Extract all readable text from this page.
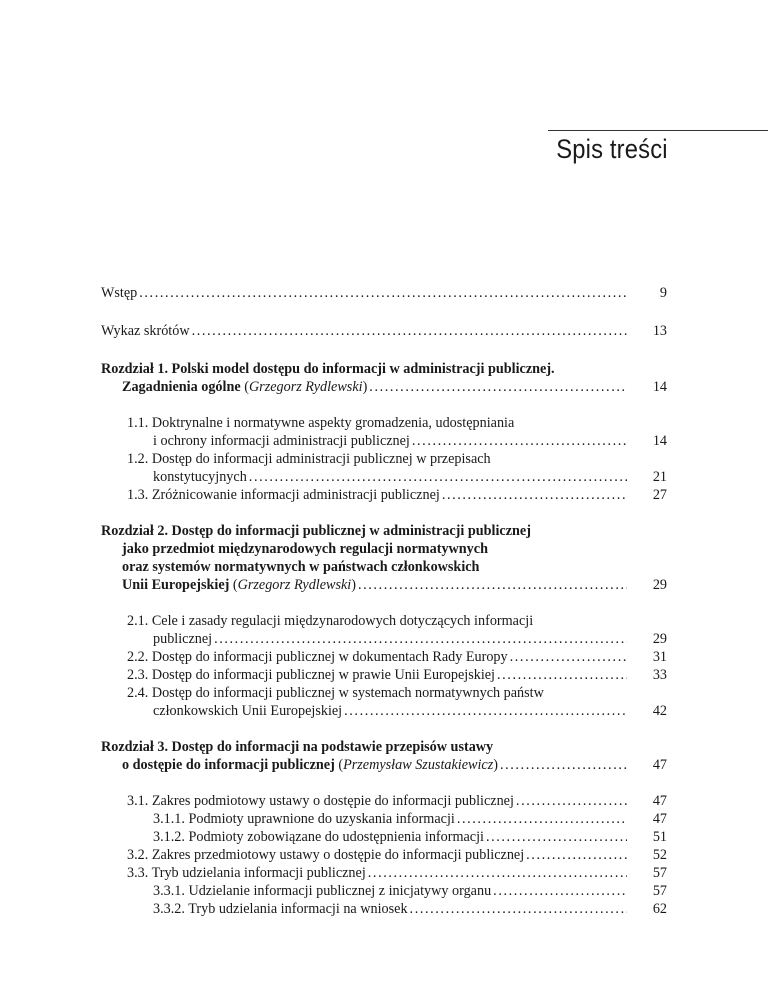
Spis treści
Wstęp .....	9
Wykaz skrótów .....	13
Rozdział 1. Polski model dostępu do informacji w administracji publicznej.
Zagadnienia ogólne (Grzegorz Rydlewski) .....	14
1.1. Doktrynalne i normatywne aspekty gromadzenia, udostępniania
i ochrony informacji administracji publicznej .....	14
1.2. Dostęp do informacji administracji publicznej w przepisach
konstytucyjnych .....	21
1.3. Zróżnicowanie informacji administracji publicznej .....	27
Rozdział 2. Dostęp do informacji publicznej w administracji publicznej
jako przedmiot międzynarodowych regulacji normatywnych
oraz systemów normatywnych w państwach członkowskich
Unii Europejskiej (Grzegorz Rydlewski) .....	29
2.1. Cele i zasady regulacji międzynarodowych dotyczących informacji
publicznej .....	29
2.2. Dostęp do informacji publicznej w dokumentach Rady Europy .....	31
2.3. Dostęp do informacji publicznej w prawie Unii Europejskiej .....	33
2.4. Dostęp do informacji publicznej w systemach normatywnych państw
członkowskich Unii Europejskiej .....	42
Rozdział 3. Dostęp do informacji na podstawie przepisów ustawy
o dostępie do informacji publicznej (Przemysław Szustakiewicz) .....	47
3.1. Zakres podmiotowy ustawy o dostępie do informacji publicznej .....	47
3.1.1. Podmioty uprawnione do uzyskania informacji .....	47
3.1.2. Podmioty zobowiązane do udostępnienia informacji .....	51
3.2. Zakres przedmiotowy ustawy o dostępie do informacji publicznej .....	52
3.3. Tryb udzielania informacji publicznej .....	57
3.3.1. Udzielanie informacji publicznej z inicjatywy organu .....	57
3.3.2. Tryb udzielania informacji na wniosek .....	62
